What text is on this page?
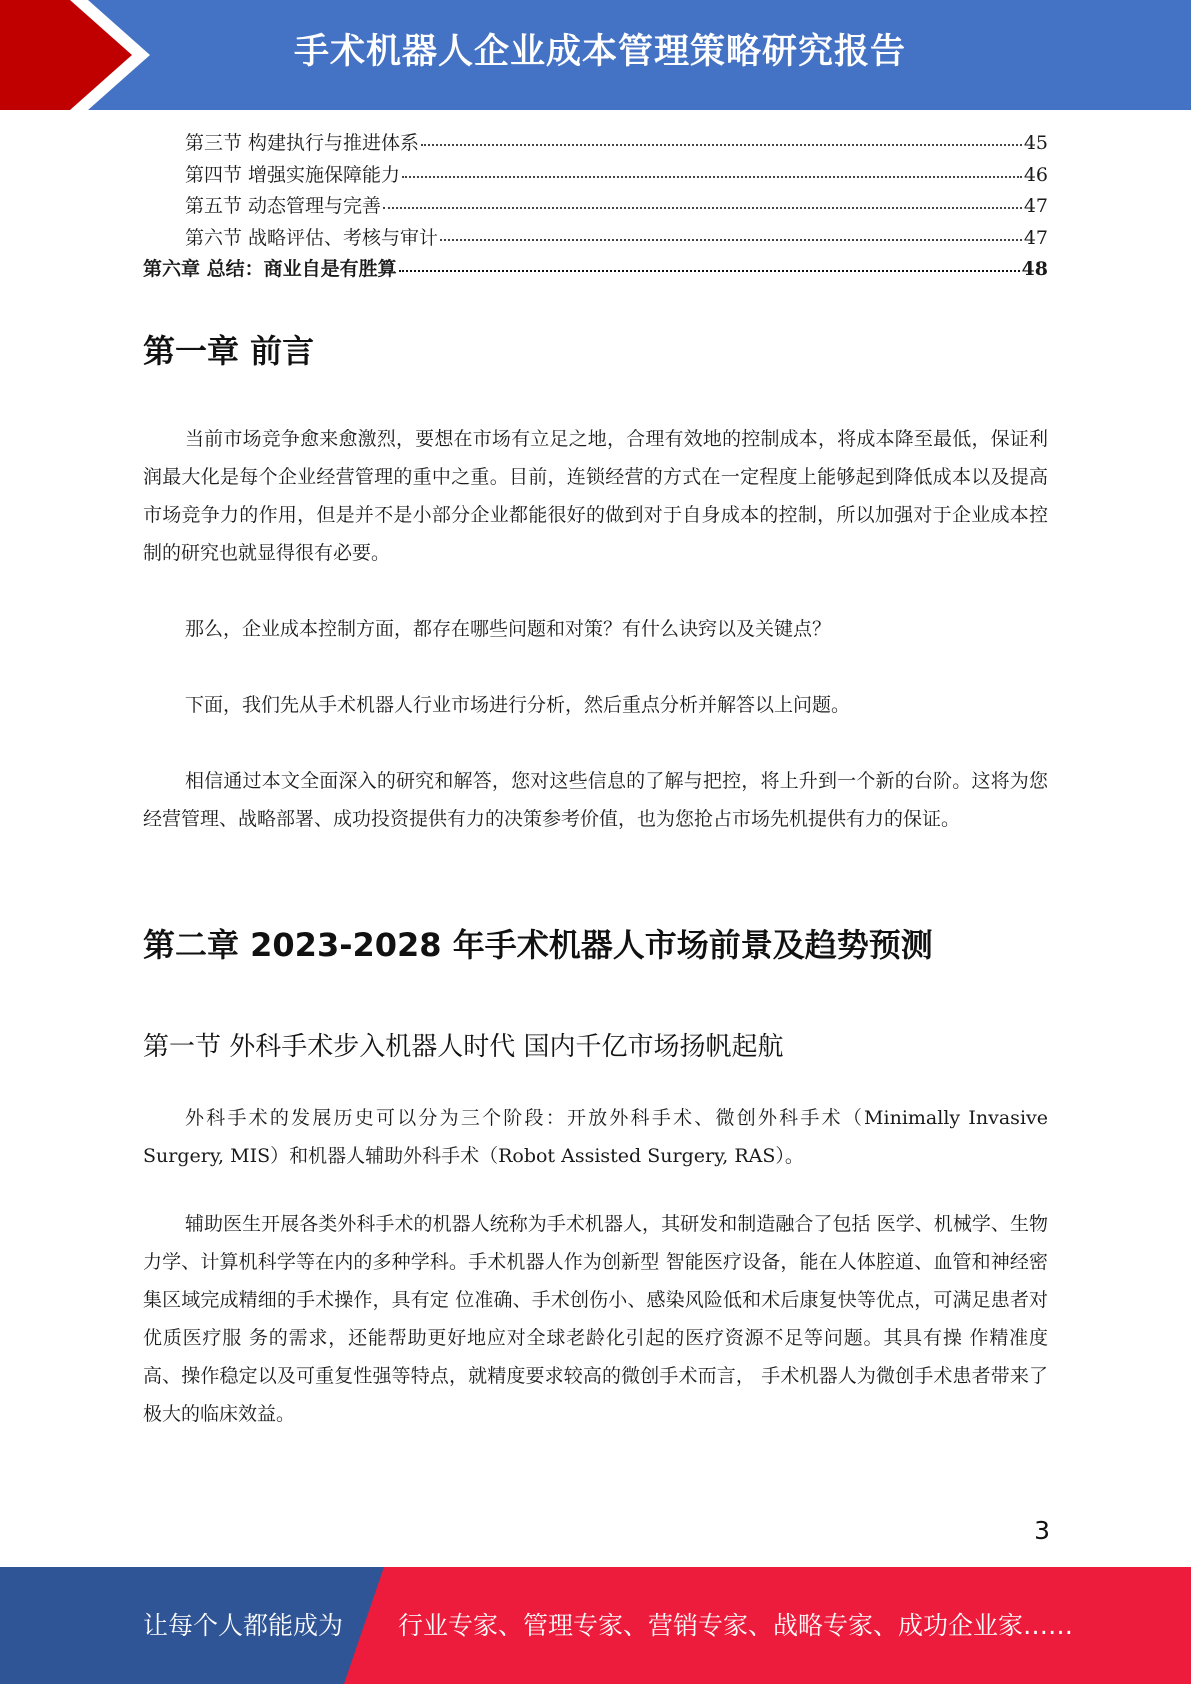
手术机器人企业成本管理策略研究报告
第三节 构建执行与推进体系	45
第四节 增强实施保障能力	46
第五节 动态管理与完善	47
第六节 战略评估、考核与审计	47
第六章 总结：商业自是有胜算	48
第一章 前言

当前市场竞争愈来愈激烈，要想在市场有立足之地，合理有效地的控制成本，将成本降至最低，保证利润最大化是每个企业经营管理的重中之重。目前，连锁经营的方式在一定程度上能够起到降低成本以及提高市场竞争力的作用，但是并不是小部分企业都能很好的做到对于自身成本的控制，所以加强对于企业成本控制的研究也就显得很有必要。

那么，企业成本控制方面，都存在哪些问题和对策？有什么诀窍以及关键点？

下面，我们先从手术机器人行业市场进行分析，然后重点分析并解答以上问题。

相信通过本文全面深入的研究和解答，您对这些信息的了解与把控，将上升到一个新的台阶。这将为您经营管理、战略部署、成功投资提供有力的决策参考价值，也为您抢占市场先机提供有力的保证。

第二章 2023-2028 年手术机器人市场前景及趋势预测
第一节 外科手术步入机器人时代 国内千亿市场扬帆起航

外科手术的发展历史可以分为三个阶段：开放外科手术、微创外科手术（Minimally Invasive Surgery, MIS）和机器人辅助外科手术（Robot Assisted Surgery, RAS）。

辅助医生开展各类外科手术的机器人统称为手术机器人，其研发和制造融合了包括 医学、机械学、生物力学、计算机科学等在内的多种学科。手术机器人作为创新型 智能医疗设备，能在人体腔道、血管和神经密集区域完成精细的手术操作，具有定 位准确、手术创伤小、感染风险低和术后康复快等优点，可满足患者对优质医疗服 务的需求，还能帮助更好地应对全球老龄化引起的医疗资源不足等问题。其具有操 作精准度高、操作稳定以及可重复性强等特点，就精度要求较高的微创手术而言， 手术机器人为微创手术患者带来了极大的临床效益。

3
让每个人都能成为 行业专家、管理专家、营销专家、战略专家、成功企业家……
